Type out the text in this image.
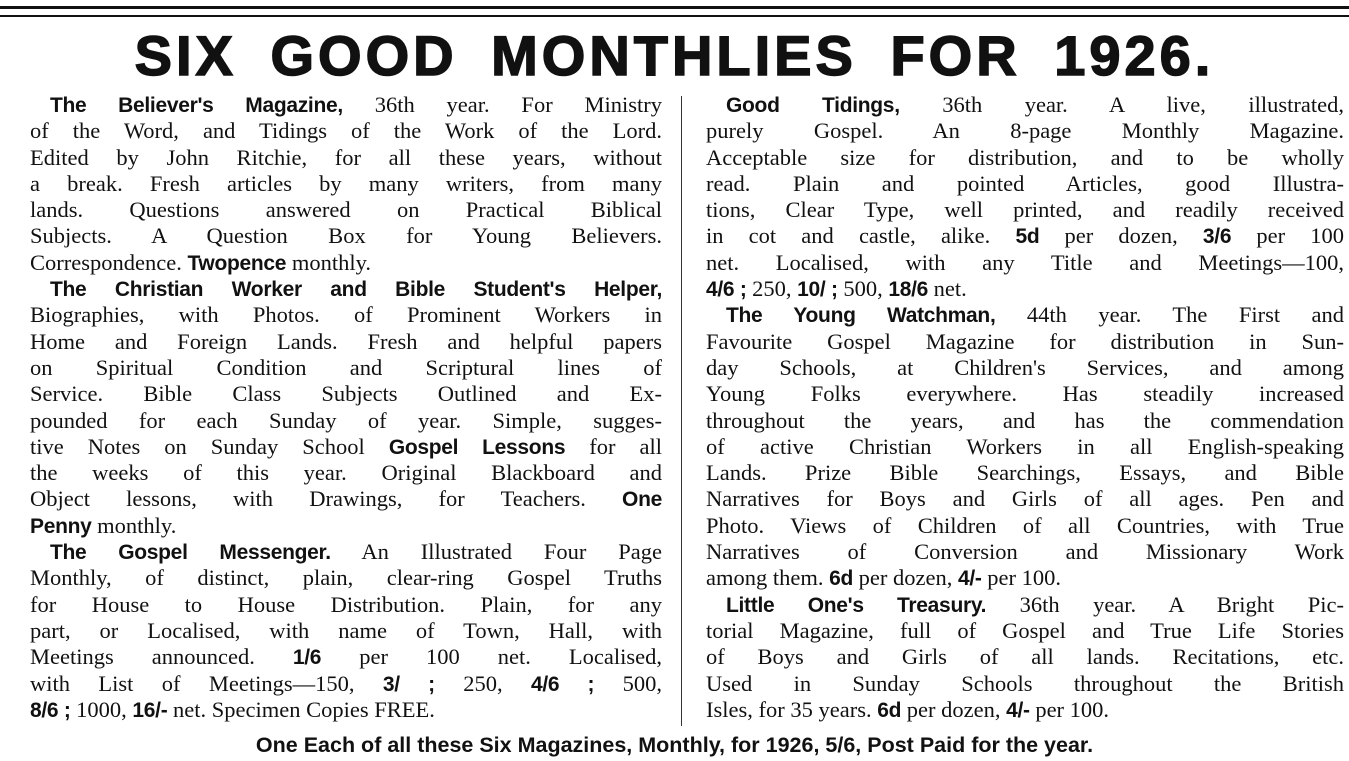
SIX GOOD MONTHLIES FOR 1926.
The Believer's Magazine, 36th year. For Ministry
of the Word, and Tidings of the Work of the Lord.
Edited by John Ritchie, for all these years, without
a break. Fresh articles by many writers, from many
lands. Questions answered on Practical Biblical
Subjects. A Question Box for Young Believers.
Correspondence. Twopence monthly.
The Christian Worker and Bible Student's Helper,
Biographies, with Photos. of Prominent Workers in
Home and Foreign Lands. Fresh and helpful papers
on Spiritual Condition and Scriptural lines of
Service. Bible Class Subjects Outlined and Ex-
pounded for each Sunday of year. Simple, sugges-
tive Notes on Sunday School Gospel Lessons for all
the weeks of this year. Original Blackboard and
Object lessons, with Drawings, for Teachers. One
Penny monthly.
The Gospel Messenger. An Illustrated Four Page
Monthly, of distinct, plain, clear-ring Gospel Truths
for House to House Distribution. Plain, for any
part, or Localised, with name of Town, Hall, with
Meetings announced. 1/6 per 100 net. Localised,
with List of Meetings—150, 3/ ; 250, 4/6 ; 500,
8/6 ; 1000, 16/- net. Specimen Copies FREE.
Good Tidings, 36th year. A live, illustrated,
purely Gospel. An 8-page Monthly Magazine.
Acceptable size for distribution, and to be wholly
read. Plain and pointed Articles, good Illustra-
tions, Clear Type, well printed, and readily received
in cot and castle, alike. 5d per dozen, 3/6 per 100
net. Localised, with any Title and Meetings—100,
4/6 ; 250, 10/ ; 500, 18/6 net.
The Young Watchman, 44th year. The First and
Favourite Gospel Magazine for distribution in Sun-
day Schools, at Children's Services, and among
Young Folks everywhere. Has steadily increased
throughout the years, and has the commendation
of active Christian Workers in all English-speaking
Lands. Prize Bible Searchings, Essays, and Bible
Narratives for Boys and Girls of all ages. Pen and
Photo. Views of Children of all Countries, with True
Narratives of Conversion and Missionary Work
among them. 6d per dozen, 4/- per 100.
Little One's Treasury. 36th year. A Bright Pic-
torial Magazine, full of Gospel and True Life Stories
of Boys and Girls of all lands. Recitations, etc.
Used in Sunday Schools throughout the British
Isles, for 35 years. 6d per dozen, 4/- per 100.
One Each of all these Six Magazines, Monthly, for 1926, 5/6, Post Paid for the year.
